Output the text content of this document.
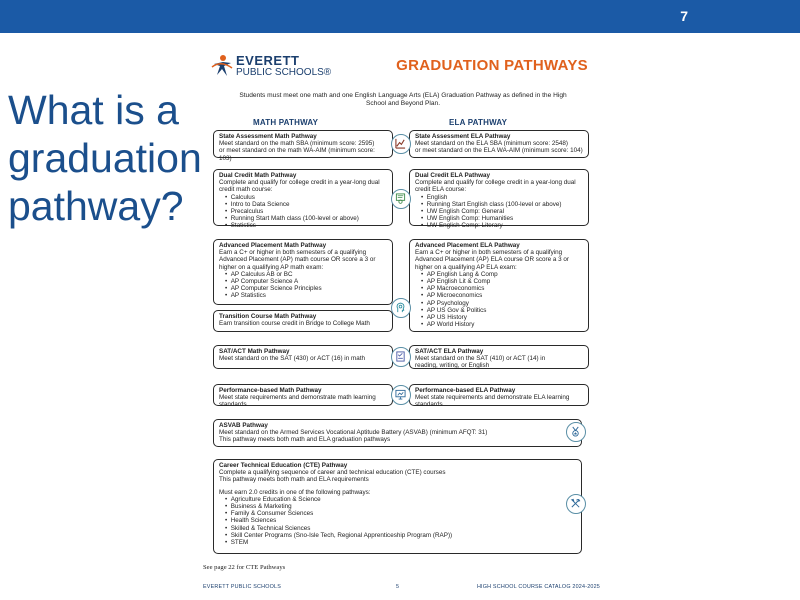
7
What is a graduation pathway?
EVERETT
PUBLIC SCHOOLS®	GRADUATION PATHWAYS
Students must meet one math and one English Language Arts (ELA) Graduation Pathway as defined in the High School and Beyond Plan.
MATH PATHWAY	ELA PATHWAY
State Assessment Math Pathway
Meet standard on the math SBA (minimum score: 2595)
or meet standard on the math WA-AIM (minimum score: 103)
State Assessment ELA Pathway
Meet standard on the ELA SBA (minimum score: 2548)
or meet standard on the ELA WA-AIM (minimum score: 104)
Dual Credit Math Pathway
Complete and qualify for college credit in a year-long dual credit math course:
•  Calculus
•  Intro to Data Science
•  Precalculus
•  Running Start Math class (100-level or above)
•  Statistics
Dual Credit ELA Pathway
Complete and qualify for college credit in a year-long dual credit ELA course:
•  English
•  Running Start English class (100-level or above)
•  UW English Comp: General
•  UW English Comp: Humanities
•  UW English Comp: Literary
Advanced Placement Math Pathway
Earn a C+ or higher in both semesters of a qualifying Advanced Placement (AP) math course OR score a 3 or higher on a qualifying AP math exam:
•  AP Calculus AB or BC
•  AP Computer Science A
•  AP Computer Science Principles
•  AP Statistics
Transition Course Math Pathway
Earn transition course credit in Bridge to College Math
Advanced Placement ELA Pathway
Earn a C+ or higher in both semesters of a qualifying Advanced Placement (AP) ELA course OR score a 3 or higher on a qualifying AP ELA exam:
•  AP English Lang & Comp
•  AP English Lit & Comp
•  AP Macroeconomics
•  AP Microeconomics
•  AP Psychology
•  AP US Gov & Politics
•  AP US History
•  AP World History
SAT/ACT Math Pathway
Meet standard on the SAT (430) or ACT (16) in math
SAT/ACT ELA Pathway
Meet standard on the SAT (410) or ACT (14) in
reading, writing, or English
Performance-based Math Pathway
Meet state requirements and demonstrate math learning standards
Performance-based ELA Pathway
Meet state requirements and demonstrate ELA learning standards
ASVAB Pathway
Meet standard on the Armed Services Vocational Aptitude Battery (ASVAB) (minimum AFQT: 31)
This pathway meets both math and ELA graduation pathways
Career Technical Education (CTE) Pathway
Complete a qualifying sequence of career and technical education (CTE) courses
This pathway meets both math and ELA requirements
Must earn 2.0 credits in one of the following pathways:
•  Agriculture Education & Science
•  Business & Marketing
•  Family & Consumer Sciences
•  Health Sciences
•  Skilled & Technical Sciences
•  Skill Center Programs (Sno-Isle Tech, Regional Apprenticeship Program (RAP))
•  STEM
See page 22 for CTE Pathways
EVERETT PUBLIC SCHOOLS	5	HIGH SCHOOL COURSE CATALOG 2024-2025
